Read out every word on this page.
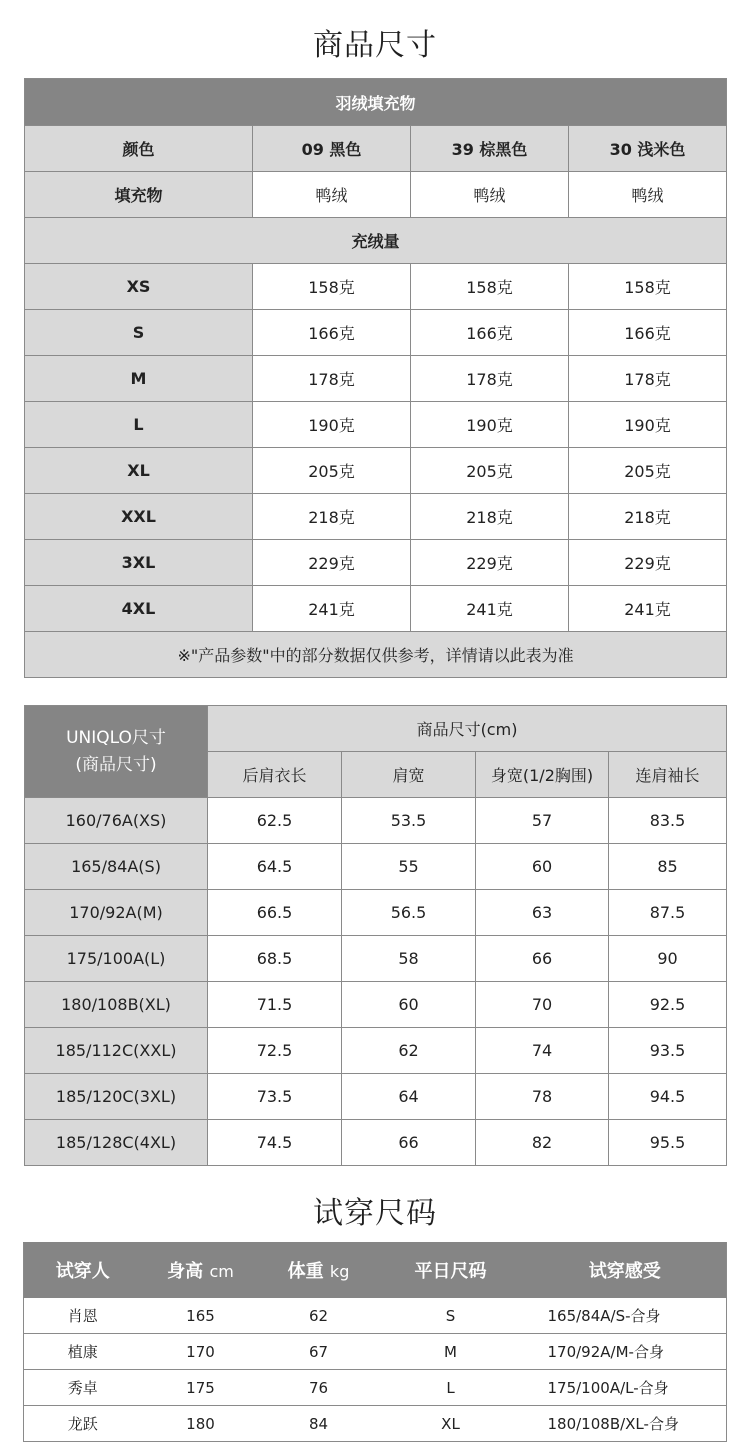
商品尺寸
羽绒填充物			
颜色	09 黑色	39 棕黑色	30 浅米色
填充物	鸭绒	鸭绒	鸭绒
充绒量			
XS	158克	158克	158克
S	166克	166克	166克
M	178克	178克	178克
L	190克	190克	190克
XL	205克	205克	205克
XXL	218克	218克	218克
3XL	229克	229克	229克
4XL	241克	241克	241克
※"产品参数"中的部分数据仅供参考，详情请以此表为准			
UNIQLO尺寸
(商品尺寸)	商品尺寸(cm)			
	后肩衣长	肩宽	身宽(1/2胸围)	连肩袖长
160/76A(XS)	62.5	53.5	57	83.5
165/84A(S)	64.5	55	60	85
170/92A(M)	66.5	56.5	63	87.5
175/100A(L)	68.5	58	66	90
180/108B(XL)	71.5	60	70	92.5
185/112C(XXL)	72.5	62	74	93.5
185/120C(3XL)	73.5	64	78	94.5
185/128C(4XL)	74.5	66	82	95.5
试穿尺码
试穿人	身高 cm	体重 kg	平日尺码	试穿感受
肖恩	165	62	S	165/84A/S-合身
植康	170	67	M	170/92A/M-合身
秀卓	175	76	L	175/100A/L-合身
龙跃	180	84	XL	180/108B/XL-合身
